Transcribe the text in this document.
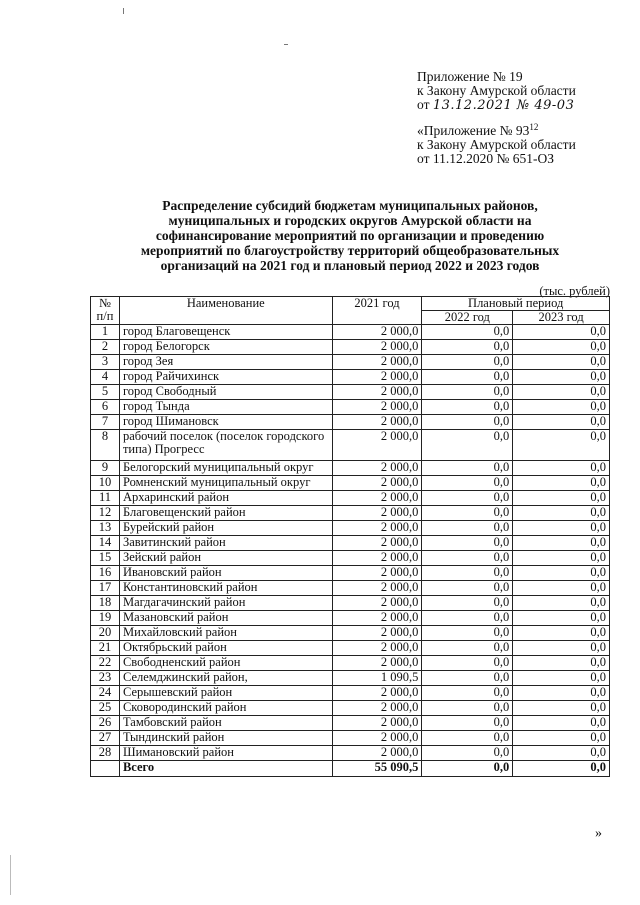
Приложение № 19
к Закону Амурской области
от 13.12.2021 № 49-03
«Приложение № $93^{12}$
к Закону Амурской области
от 11.12.2020 № 651-ОЗ
Распределение субсидий бюджетам муниципальных районов,
муниципальных и городских округов Амурской области на
софинансирование мероприятий по организации и проведению
мероприятий по благоустройству территорий общеобразовательных
организаций на 2021 год и плановый период 2022 и 2023 годов
(тыс. рублей)
№ п/п	Наименование	2021 год	Плановый период	
			2022 год	2023 год
1	город Благовещенск	2 000,0	0,0	0,0
2	город Белогорск	2 000,0	0,0	0,0
3	город Зея	2 000,0	0,0	0,0
4	город Райчихинск	2 000,0	0,0	0,0
5	город Свободный	2 000,0	0,0	0,0
6	город Тында	2 000,0	0,0	0,0
7	город Шимановск	2 000,0	0,0	0,0
8	рабочий поселок (поселок городского типа) Прогресс	2 000,0	0,0	0,0
9	Белогорский муниципальный округ	2 000,0	0,0	0,0
10	Ромненский муниципальный округ	2 000,0	0,0	0,0
11	Архаринский район	2 000,0	0,0	0,0
12	Благовещенский район	2 000,0	0,0	0,0
13	Бурейский район	2 000,0	0,0	0,0
14	Завитинский район	2 000,0	0,0	0,0
15	Зейский район	2 000,0	0,0	0,0
16	Ивановский район	2 000,0	0,0	0,0
17	Константиновский район	2 000,0	0,0	0,0
18	Магдагачинский район	2 000,0	0,0	0,0
19	Мазановский район	2 000,0	0,0	0,0
20	Михайловский район	2 000,0	0,0	0,0
21	Октябрьский район	2 000,0	0,0	0,0
22	Свободненский район	2 000,0	0,0	0,0
23	Селемджинский район,	1 090,5	0,0	0,0
24	Серышевский район	2 000,0	0,0	0,0
25	Сковородинский район	2 000,0	0,0	0,0
26	Тамбовский район	2 000,0	0,0	0,0
27	Тындинский район	2 000,0	0,0	0,0
28	Шимановский район	2 000,0	0,0	0,0
	Всего	55 090,5	0,0	0,0
»
